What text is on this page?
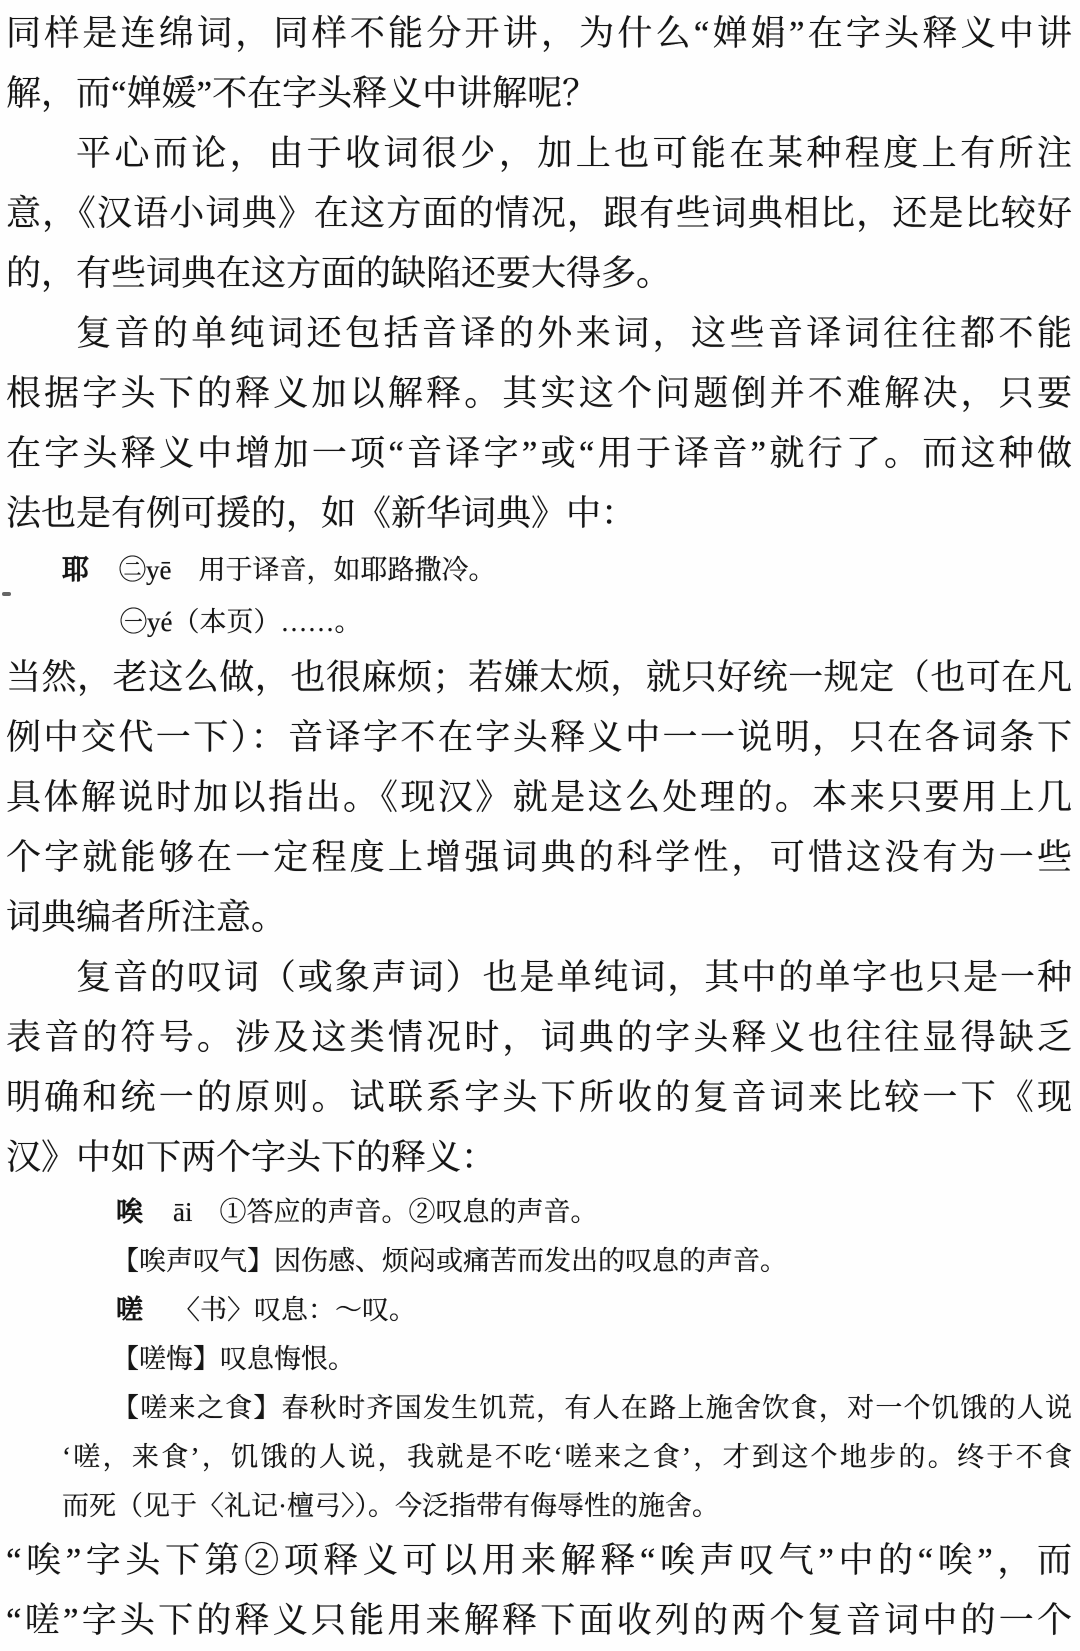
同样是连绵词，同样不能分开讲，为什么“婵娟”在字头释义中讲
解，而“婵媛”不在字头释义中讲解呢？
平心而论，由于收词很少，加上也可能在某种程度上有所注
意，《汉语小词典》在这方面的情况，跟有些词典相比，还是比较好
的，有些词典在这方面的缺陷还要大得多。
复音的单纯词还包括音译的外来词，这些音译词往往都不能
根据字头下的释义加以解释。其实这个问题倒并不难解决，只要
在字头释义中增加一项“音译字”或“用于译音”就行了。而这种做
法也是有例可援的，如《新华词典》中：
耶 ㊁yē　用于译音，如耶路撒冷。
㊀yé（本页）……。
当然，老这么做，也很麻烦；若嫌太烦，就只好统一规定（也可在凡
例中交代一下）：音译字不在字头释义中一一说明，只在各词条下
具体解说时加以指出。《现汉》就是这么处理的。本来只要用上几
个字就能够在一定程度上增强词典的科学性，可惜这没有为一些
词典编者所注意。
复音的叹词（或象声词）也是单纯词，其中的单字也只是一种
表音的符号。涉及这类情况时，词典的字头释义也往往显得缺乏
明确和统一的原则。试联系字头下所收的复音词来比较一下《现
汉》中如下两个字头下的释义：
唉 āi　①答应的声音。②叹息的声音。
【唉声叹气】因伤感、烦闷或痛苦而发出的叹息的声音。
嗟 〈书〉叹息：～叹。
【嗟悔】叹息悔恨。
【嗟来之食】春秋时齐国发生饥荒，有人在路上施舍饮食，对一个饥饿的人说
‘嗟，来食’，饥饿的人说，我就是不吃‘嗟来之食’，才到这个地步的。终于不食
而死（见于〈礼记·檀弓〉）。今泛指带有侮辱性的施舍。
“唉”字头下第②项释义可以用来解释“唉声叹气”中的“唉”，而
“嗟”字头下的释义只能用来解释下面收列的两个复音词中的一个
